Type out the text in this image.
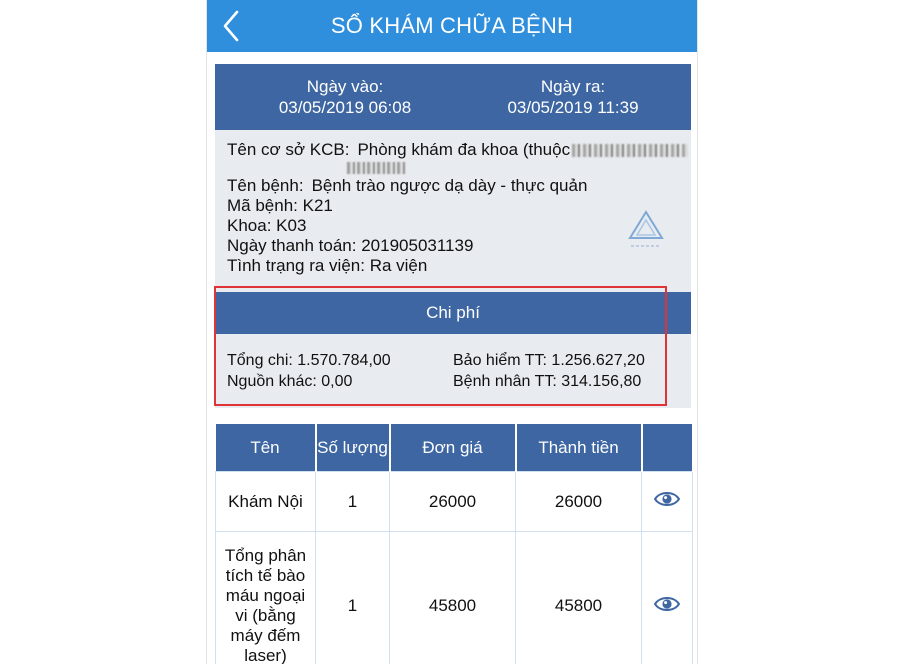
SỔ KHÁM CHỮA BỆNH
Ngày vào:
03/05/2019 06:08
Ngày ra:
03/05/2019 11:39
Tên cơ sở KCB: Phòng khám đa khoa (thuộc
Tên bệnh: Bệnh trào ngược dạ dày - thực quản
Mã bệnh: K21
Khoa: K03
Ngày thanh toán: 201905031139
Tình trạng ra viện: Ra viện
Chi phí
Tổng chi: 1.570.784,00	Bảo hiểm TT: 1.256.627,20
Nguồn khác: 0,00	Bệnh nhân TT: 314.156,80
Tên	Số lượng	Đơn giá	Thành tiền	
Khám Nội	1	26000	26000	
Tổng phân tích tế bào máu ngoại vi (bằng máy đếm laser)	1	45800	45800	
